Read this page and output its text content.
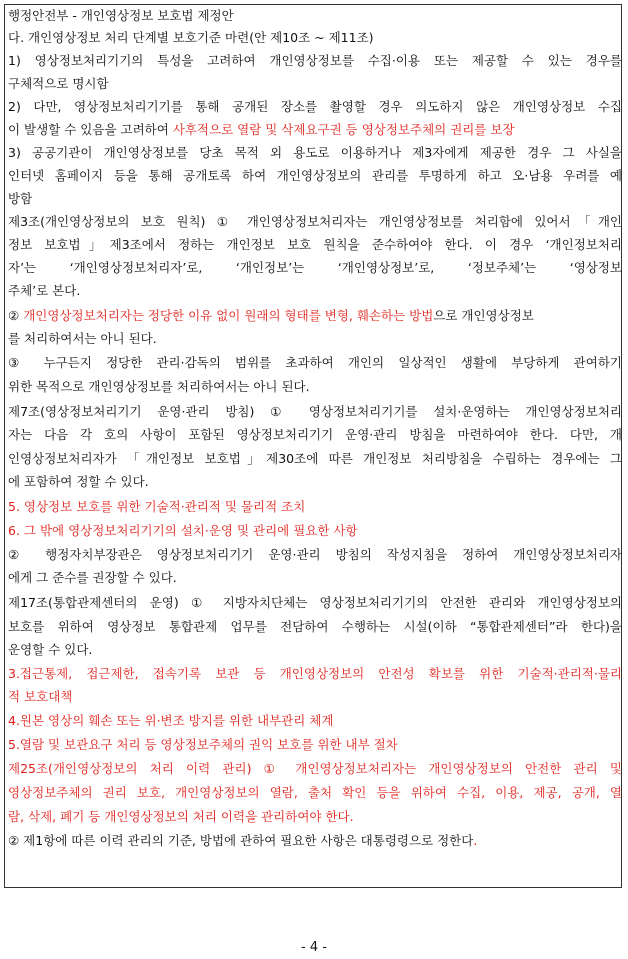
행정안전부 - 개인영상정보 보호법 제정안
다. 개인영상정보 처리 단계별 보호기준 마련(안 제10조 ~ 제11조)
1) 영상정보처리기기의 특성을 고려하여 개인영상정보를 수집·이용 또는 제공할 수 있는 경우를
구체적으로 명시함
2) 다만, 영상정보처리기기를 통해 공개된 장소를 촬영할 경우 의도하지 않은 개인영상정보 수집
이 발생할 수 있음을 고려하여 사후적으로 열람 및 삭제요구권 등 영상정보주체의 권리를 보장
3) 공공기관이 개인영상정보를 당초 목적 외 용도로 이용하거나 제3자에게 제공한 경우 그 사실을
인터넷 홈페이지 등을 통해 공개토록 하여 개인영상정보의 관리를 투명하게 하고 오·남용 우려를 예
방함
제3조(개인영상정보의 보호 원칙) ① 개인영상정보처리자는 개인영상정보를 처리함에 있어서「개인
정보 보호법」제3조에서 정하는 개인정보 보호 원칙을 준수하여야 한다. 이 경우 ‘개인정보처리
자’는 ‘개인영상정보처리자’로, ‘개인정보’는 ‘개인영상정보’로, ‘정보주체’는 ‘영상정보
주체’로 본다.
② 개인영상정보처리자는 정당한 이유 없이 원래의 형태를 변형, 훼손하는 방법으로 개인영상정보
를 처리하여서는 아니 된다.
③ 누구든지 정당한 관리·감독의 범위를 초과하여 개인의 일상적인 생활에 부당하게 관여하기
위한 목적으로 개인영상정보를 처리하여서는 아니 된다.
제7조(영상정보처리기기 운영·관리 방침) ① 영상정보처리기기를 설치·운영하는 개인영상정보처리
자는 다음 각 호의 사항이 포함된 영상정보처리기기 운영·관리 방침을 마련하여야 한다. 다만, 개
인영상정보처리자가 「개인정보 보호법」제30조에 따른 개인정보 처리방침을 수립하는 경우에는 그
에 포함하여 정할 수 있다.
5. 영상정보 보호를 위한 기술적·관리적 및 물리적 조치
6. 그 밖에 영상정보처리기기의 설치·운영 및 관리에 필요한 사항
② 행정자치부장관은 영상정보처리기기 운영·관리 방침의 작성지침을 정하여 개인영상정보처리자
에게 그 준수를 권장할 수 있다.
제17조(통합관제센터의 운영) ① 지방자치단체는 영상정보처리기기의 안전한 관리와 개인영상정보의
보호를 위하여 영상정보 통합관제 업무를 전담하여 수행하는 시설(이하 “통합관제센터”라 한다)을
운영할 수 있다.
3.접근통제, 접근제한, 접속기록 보관 등 개인영상정보의 안전성 확보를 위한 기술적·관리적·물리
적 보호대책
4.원본 영상의 훼손 또는 위·변조 방지를 위한 내부관리 체계
5.열람 및 보관요구 처리 등 영상정보주체의 권익 보호를 위한 내부 절차
제25조(개인영상정보의 처리 이력 관리) ① 개인영상정보처리자는 개인영상정보의 안전한 관리 및
영상정보주체의 권리 보호, 개인영상정보의 열람, 출처 확인 등을 위하여 수집, 이용, 제공, 공개, 열
람, 삭제, 폐기 등 개인영상정보의 처리 이력을 관리하여야 한다.
② 제1항에 따른 이력 관리의 기준, 방법에 관하여 필요한 사항은 대통령령으로 정한다.
- 4 -
